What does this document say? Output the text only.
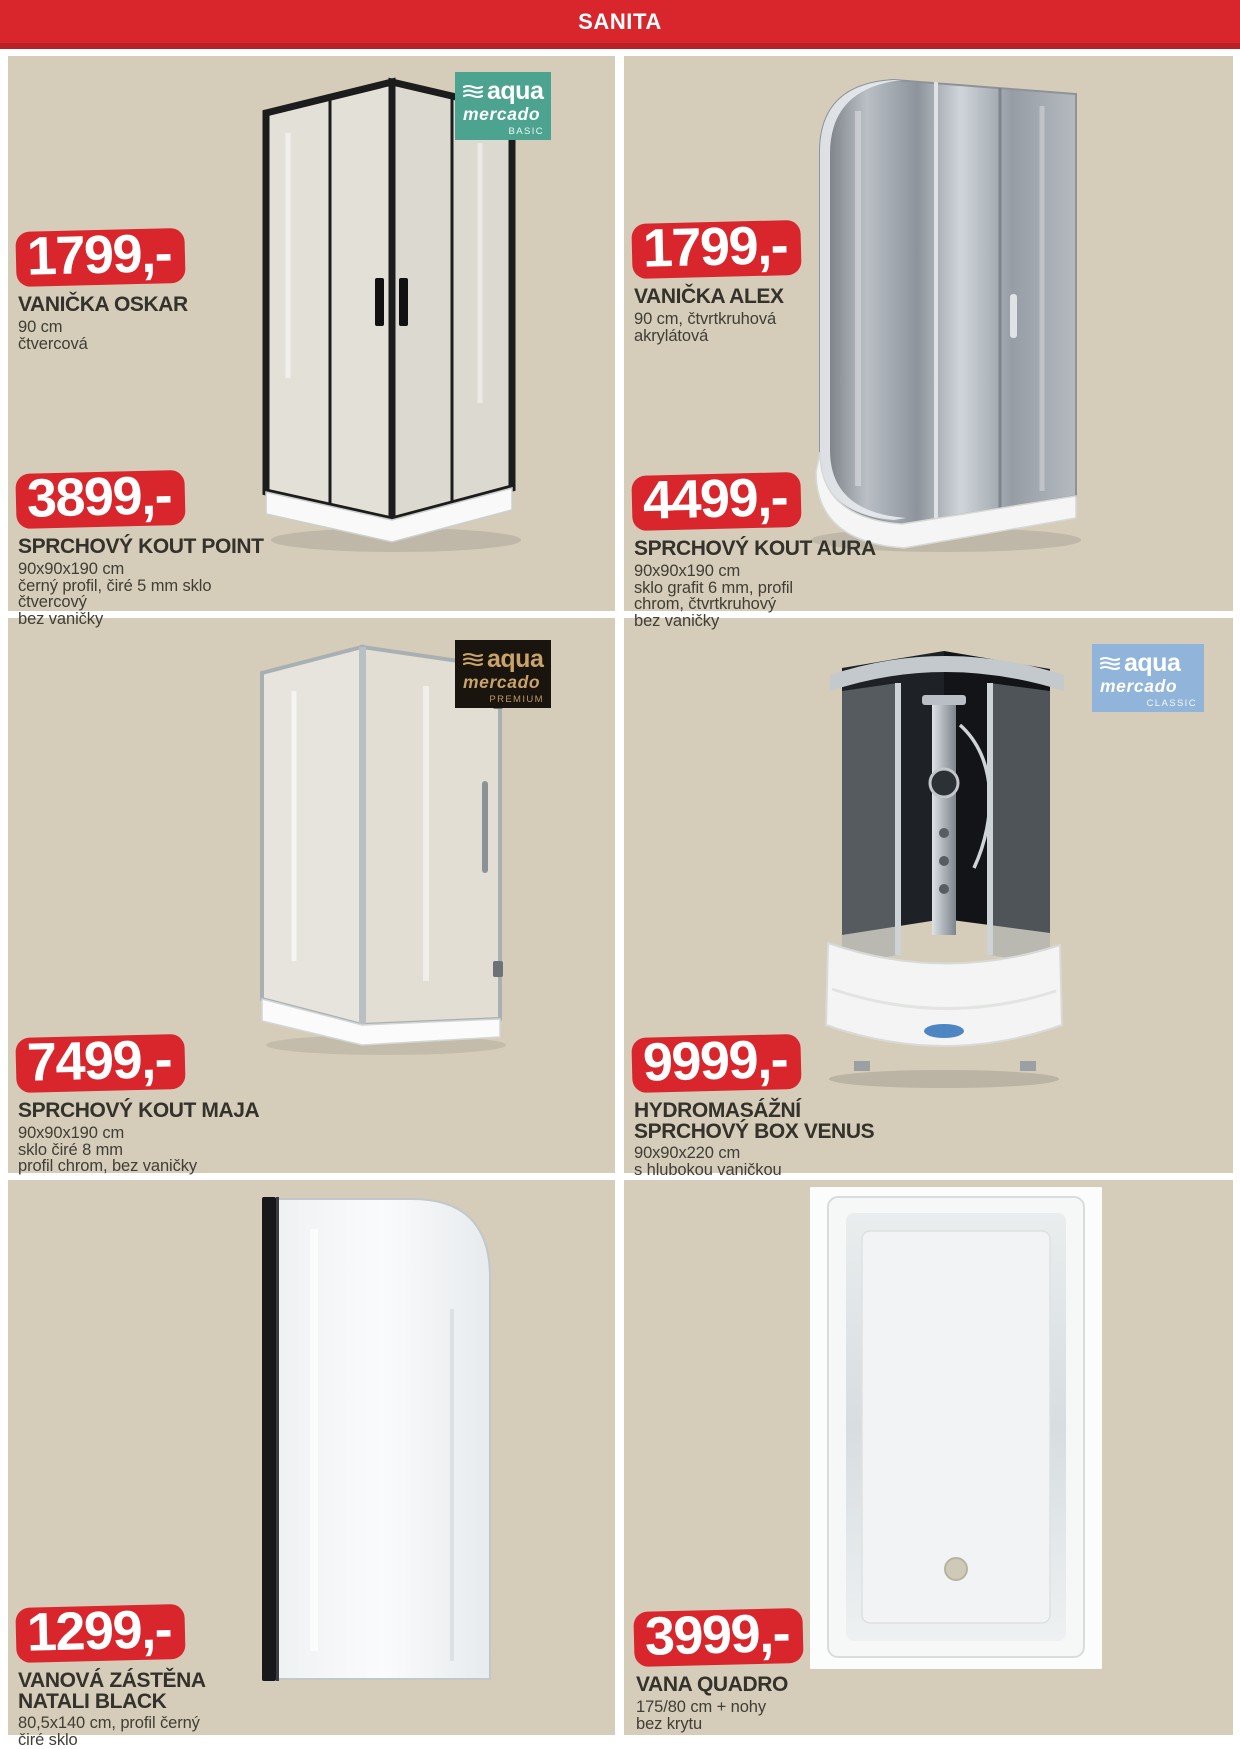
SANITA
aqua
mercado
BASIC
1799,-
VANIČKA OSKAR

90 cm

čtvercová

3899,-
SPRCHOVÝ KOUT POINT

90x90x190 cm

černý profil, čiré 5 mm sklo

čtvercový

bez vaničky

1799,-
VANIČKA ALEX

90 cm, čtvrtkruhová

akrylátová

4499,-
SPRCHOVÝ KOUT AURA

90x90x190 cm

sklo grafit 6 mm, profil

chrom, čtvrtkruhový

bez vaničky

aqua
mercado
PREMIUM
7499,-
SPRCHOVÝ KOUT MAJA

90x90x190 cm

sklo čiré 8 mm

profil chrom, bez vaničky

aqua
mercado
CLASSIC
9999,-
HYDROMASÁŽNÍ SPRCHOVÝ BOX VENUS

90x90x220 cm

s hlubokou vaničkou

1299,-
VANOVÁ ZÁSTĚNA NATALI BLACK

80,5x140 cm, profil černý

čiré sklo

3999,-
VANA QUADRO

175/80 cm + nohy

bez krytu
